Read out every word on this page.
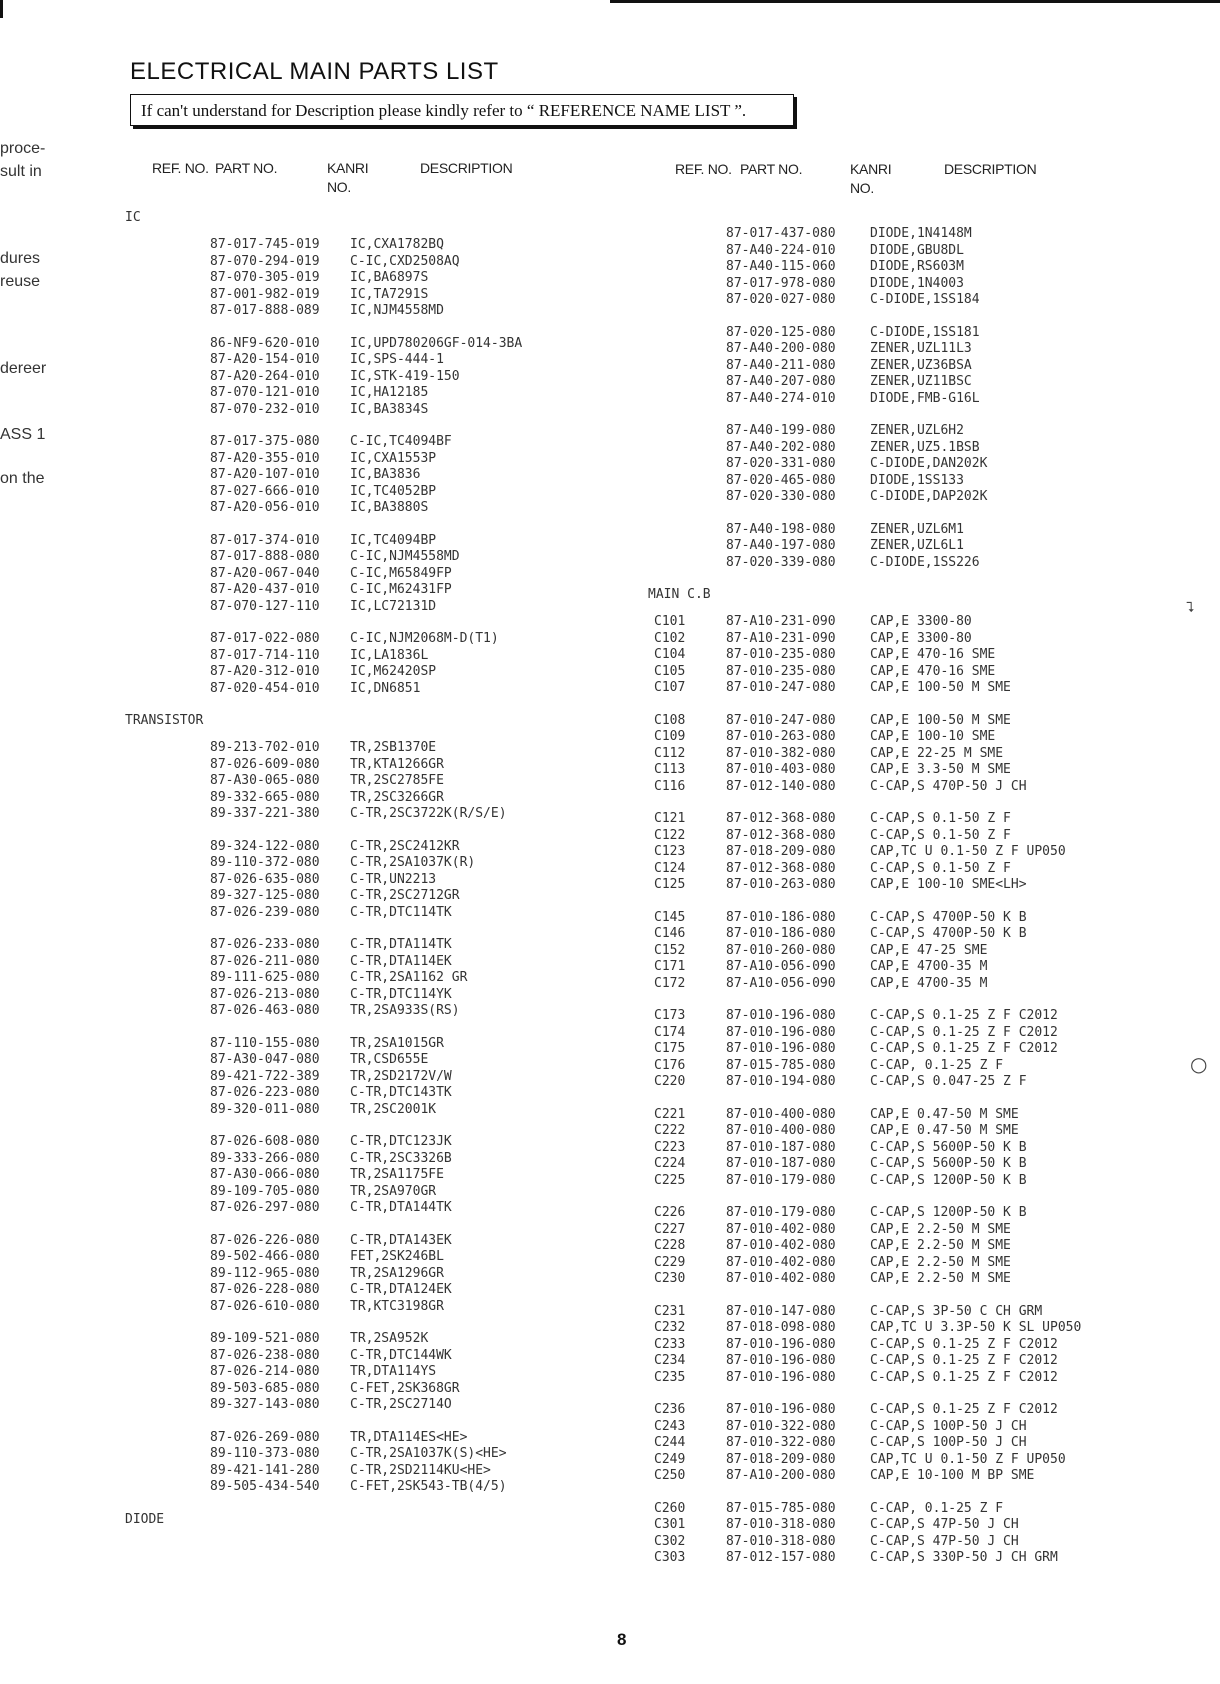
proce-
sult in
dures
reuse
dereer
ASS 1
on the
ELECTRICAL MAIN PARTS LIST
If can't understand for Description please kindly refer to “ REFERENCE NAME LIST ”.
REF. NO. PART NO.	KANRI
NO.
DESCRIPTION	REF. NO. PART NO.	KANRI
NO.
DESCRIPTION
IC
87-017-745-019 IC,CXA1782BQ
87-070-294-019 C-IC,CXD2508AQ
87-070-305-019 IC,BA6897S
87-001-982-019 IC,TA7291S
87-017-888-089 IC,NJM4558MD
86-NF9-620-010 IC,UPD780206GF-014-3BA
87-A20-154-010 IC,SPS-444-1
87-A20-264-010 IC,STK-419-150
87-070-121-010 IC,HA12185
87-070-232-010 IC,BA3834S
87-017-375-080 C-IC,TC4094BF
87-A20-355-010 IC,CXA1553P
87-A20-107-010 IC,BA3836
87-027-666-010 IC,TC4052BP
87-A20-056-010 IC,BA3880S
87-017-374-010 IC,TC4094BP
87-017-888-080 C-IC,NJM4558MD
87-A20-067-040 C-IC,M65849FP
87-A20-437-010 C-IC,M62431FP
87-070-127-110 IC,LC72131D
87-017-022-080 C-IC,NJM2068M-D(T1)
87-017-714-110 IC,LA1836L
87-A20-312-010 IC,M62420SP
87-020-454-010 IC,DN6851
TRANSISTOR
89-213-702-010 TR,2SB1370E
87-026-609-080 TR,KTA1266GR
87-A30-065-080 TR,2SC2785FE
89-332-665-080 TR,2SC3266GR
89-337-221-380 C-TR,2SC3722K(R/S/E)
89-324-122-080 C-TR,2SC2412KR
89-110-372-080 C-TR,2SA1037K(R)
87-026-635-080 C-TR,UN2213
89-327-125-080 C-TR,2SC2712GR
87-026-239-080 C-TR,DTC114TK
87-026-233-080 C-TR,DTA114TK
87-026-211-080 C-TR,DTA114EK
89-111-625-080 C-TR,2SA1162 GR
87-026-213-080 C-TR,DTC114YK
87-026-463-080 TR,2SA933S(RS)
87-110-155-080 TR,2SA1015GR
87-A30-047-080 TR,CSD655E
89-421-722-389 TR,2SD2172V/W
87-026-223-080 C-TR,DTC143TK
89-320-011-080 TR,2SC2001K
87-026-608-080 C-TR,DTC123JK
89-333-266-080 C-TR,2SC3326B
87-A30-066-080 TR,2SA1175FE
89-109-705-080 TR,2SA970GR
87-026-297-080 C-TR,DTA144TK
87-026-226-080 C-TR,DTA143EK
89-502-466-080 FET,2SK246BL
89-112-965-080 TR,2SA1296GR
87-026-228-080 C-TR,DTA124EK
87-026-610-080 TR,KTC3198GR
89-109-521-080 TR,2SA952K
87-026-238-080 C-TR,DTC144WK
87-026-214-080 TR,DTA114YS
89-503-685-080 C-FET,2SK368GR
89-327-143-080 C-TR,2SC2714O
87-026-269-080 TR,DTA114ES<HE>
89-110-373-080 C-TR,2SA1037K(S)<HE>
89-421-141-280 C-TR,2SD2114KU<HE>
89-505-434-540 C-FET,2SK543-TB(4/5)
DIODE
87-017-437-080	DIODE,1N4148M
87-A40-224-010	DIODE,GBU8DL
87-A40-115-060	DIODE,RS603M
87-017-978-080	DIODE,1N4003
87-020-027-080	C-DIODE,1SS184
87-020-125-080	C-DIODE,1SS181
87-A40-200-080	ZENER,UZL11L3
87-A40-211-080	ZENER,UZ36BSA
87-A40-207-080	ZENER,UZ11BSC
87-A40-274-010	DIODE,FMB-G16L
87-A40-199-080	ZENER,UZL6H2
87-A40-202-080	ZENER,UZ5.1BSB
87-020-331-080	C-DIODE,DAN202K
87-020-465-080	DIODE,1SS133
87-020-330-080	C-DIODE,DAP202K
87-A40-198-080	ZENER,UZL6M1
87-A40-197-080	ZENER,UZL6L1
87-020-339-080	C-DIODE,1SS226
MAIN C.B
C101	87-A10-231-090	CAP,E 3300-80
C102	87-A10-231-090	CAP,E 3300-80
C104	87-010-235-080	CAP,E 470-16 SME
C105	87-010-235-080	CAP,E 470-16 SME
C107	87-010-247-080	CAP,E 100-50 M SME
C108	87-010-247-080	CAP,E 100-50 M SME
C109	87-010-263-080	CAP,E 100-10 SME
C112	87-010-382-080	CAP,E 22-25 M SME
C113	87-010-403-080	CAP,E 3.3-50 M SME
C116	87-012-140-080	C-CAP,S 470P-50 J CH
C121	87-012-368-080	C-CAP,S 0.1-50 Z F
C122	87-012-368-080	C-CAP,S 0.1-50 Z F
C123	87-018-209-080	CAP,TC U 0.1-50 Z F UP050
C124	87-012-368-080	C-CAP,S 0.1-50 Z F
C125	87-010-263-080	CAP,E 100-10 SME<LH>
C145	87-010-186-080	C-CAP,S 4700P-50 K B
C146	87-010-186-080	C-CAP,S 4700P-50 K B
C152	87-010-260-080	CAP,E 47-25 SME
C171	87-A10-056-090	CAP,E 4700-35 M
C172	87-A10-056-090	CAP,E 4700-35 M
C173	87-010-196-080	C-CAP,S 0.1-25 Z F C2012
C174	87-010-196-080	C-CAP,S 0.1-25 Z F C2012
C175	87-010-196-080	C-CAP,S 0.1-25 Z F C2012
C176	87-015-785-080	C-CAP, 0.1-25 Z F
C220	87-010-194-080	C-CAP,S 0.047-25 Z F
C221	87-010-400-080	CAP,E 0.47-50 M SME
C222	87-010-400-080	CAP,E 0.47-50 M SME
C223	87-010-187-080	C-CAP,S 5600P-50 K B
C224	87-010-187-080	C-CAP,S 5600P-50 K B
C225	87-010-179-080	C-CAP,S 1200P-50 K B
C226	87-010-179-080	C-CAP,S 1200P-50 K B
C227	87-010-402-080	CAP,E 2.2-50 M SME
C228	87-010-402-080	CAP,E 2.2-50 M SME
C229	87-010-402-080	CAP,E 2.2-50 M SME
C230	87-010-402-080	CAP,E 2.2-50 M SME
C231	87-010-147-080	C-CAP,S 3P-50 C CH GRM
C232	87-018-098-080	CAP,TC U 3.3P-50 K SL UP050
C233	87-010-196-080	C-CAP,S 0.1-25 Z F C2012
C234	87-010-196-080	C-CAP,S 0.1-25 Z F C2012
C235	87-010-196-080	C-CAP,S 0.1-25 Z F C2012
C236	87-010-196-080	C-CAP,S 0.1-25 Z F C2012
C243	87-010-322-080	C-CAP,S 100P-50 J CH
C244	87-010-322-080	C-CAP,S 100P-50 J CH
C249	87-018-209-080	CAP,TC U 0.1-50 Z F UP050
C250	87-A10-200-080	CAP,E 10-100 M BP SME
C260	87-015-785-080	C-CAP, 0.1-25 Z F
C301	87-010-318-080	C-CAP,S 47P-50 J CH
C302	87-010-318-080	C-CAP,S 47P-50 J CH
C303	87-012-157-080	C-CAP,S 330P-50 J CH GRM
⮧
○
8
